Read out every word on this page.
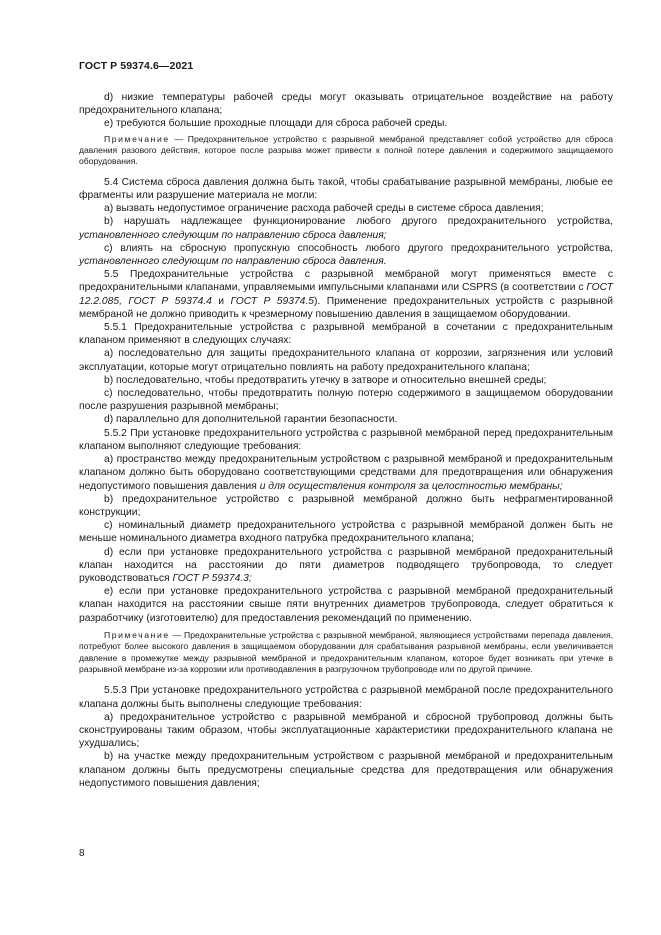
ГОСТ Р 59374.6—2021

d) низкие температуры рабочей среды могут оказывать отрицательное воздействие на работу предохранительного клапана;

e) требуются большие проходные площади для сброса рабочей среды.

Примечание — Предохранительное устройство с разрывной мембраной представляет собой устройство для сброса давления разового действия, которое после разрыва может привести к полной потере давления и содержимого защищаемого оборудования.

5.4 Система сброса давления должна быть такой, чтобы срабатывание разрывной мембраны, любые ее фрагменты или разрушение материала не могли:

а) вызвать недопустимое ограничение расхода рабочей среды в системе сброса давления;

b) нарушать надлежащее функционирование любого другого предохранительного устройства, установленного следующим по направлению сброса давления;

c) влиять на сбросную пропускную способность любого другого предохранительного устройства, установленного следующим по направлению сброса давления.

5.5 Предохранительные устройства с разрывной мембраной могут применяться вместе с предохранительными клапанами, управляемыми импульсными клапанами или CSPRS (в соответствии с ГОСТ 12.2.085, ГОСТ Р 59374.4 и ГОСТ Р 59374.5). Применение предохранительных устройств с разрывной мембраной не должно приводить к чрезмерному повышению давления в защищаемом оборудовании.

5.5.1 Предохранительные устройства с разрывной мембраной в сочетании с предохранительным клапаном применяют в следующих случаях:

а) последовательно для защиты предохранительного клапана от коррозии, загрязнения или условий эксплуатации, которые могут отрицательно повлиять на работу предохранительного клапана;

b) последовательно, чтобы предотвратить утечку в затворе и относительно внешней среды;

c) последовательно, чтобы предотвратить полную потерю содержимого в защищаемом оборудовании после разрушения разрывной мембраны;

d) параллельно для дополнительной гарантии безопасности.

5.5.2 При установке предохранительного устройства с разрывной мембраной перед предохранительным клапаном выполняют следующие требования:

а) пространство между предохранительным устройством с разрывной мембраной и предохранительным клапаном должно быть оборудовано соответствующими средствами для предотвращения или обнаружения недопустимого повышения давления и для осуществления контроля за целостностью мембраны;

b) предохранительное устройство с разрывной мембраной должно быть нефрагментированной конструкции;

c) номинальный диаметр предохранительного устройства с разрывной мембраной должен быть не меньше номинального диаметра входного патрубка предохранительного клапана;

d) если при установке предохранительного устройства с разрывной мембраной предохранительный клапан находится на расстоянии до пяти диаметров подводящего трубопровода, то следует руководствоваться ГОСТ Р 59374.3;

e) если при установке предохранительного устройства с разрывной мембраной предохранительный клапан находится на расстоянии свыше пяти внутренних диаметров трубопровода, следует обратиться к разработчику (изготовителю) для предоставления рекомендаций по применению.

Примечание — Предохранительные устройства с разрывной мембраной, являющиеся устройствами перепада давления, потребуют более высокого давления в защищаемом оборудовании для срабатывания разрывной мембраны, если увеличивается давление в промежутке между разрывной мембраной и предохранительным клапаном, которое будет возникать при утечке в разрывной мембране из-за коррозии или противодавления в разгрузочном трубопроводе или по другой причине.

5.5.3 При установке предохранительного устройства с разрывной мембраной после предохранительного клапана должны быть выполнены следующие требования:

а) предохранительное устройство с разрывной мембраной и сбросной трубопровод должны быть сконструированы таким образом, чтобы эксплуатационные характеристики предохранительного клапана не ухудшались;

b) на участке между предохранительным устройством с разрывной мембраной и предохранительным клапаном должны быть предусмотрены специальные средства для предотвращения или обнаружения недопустимого повышения давления;

8
